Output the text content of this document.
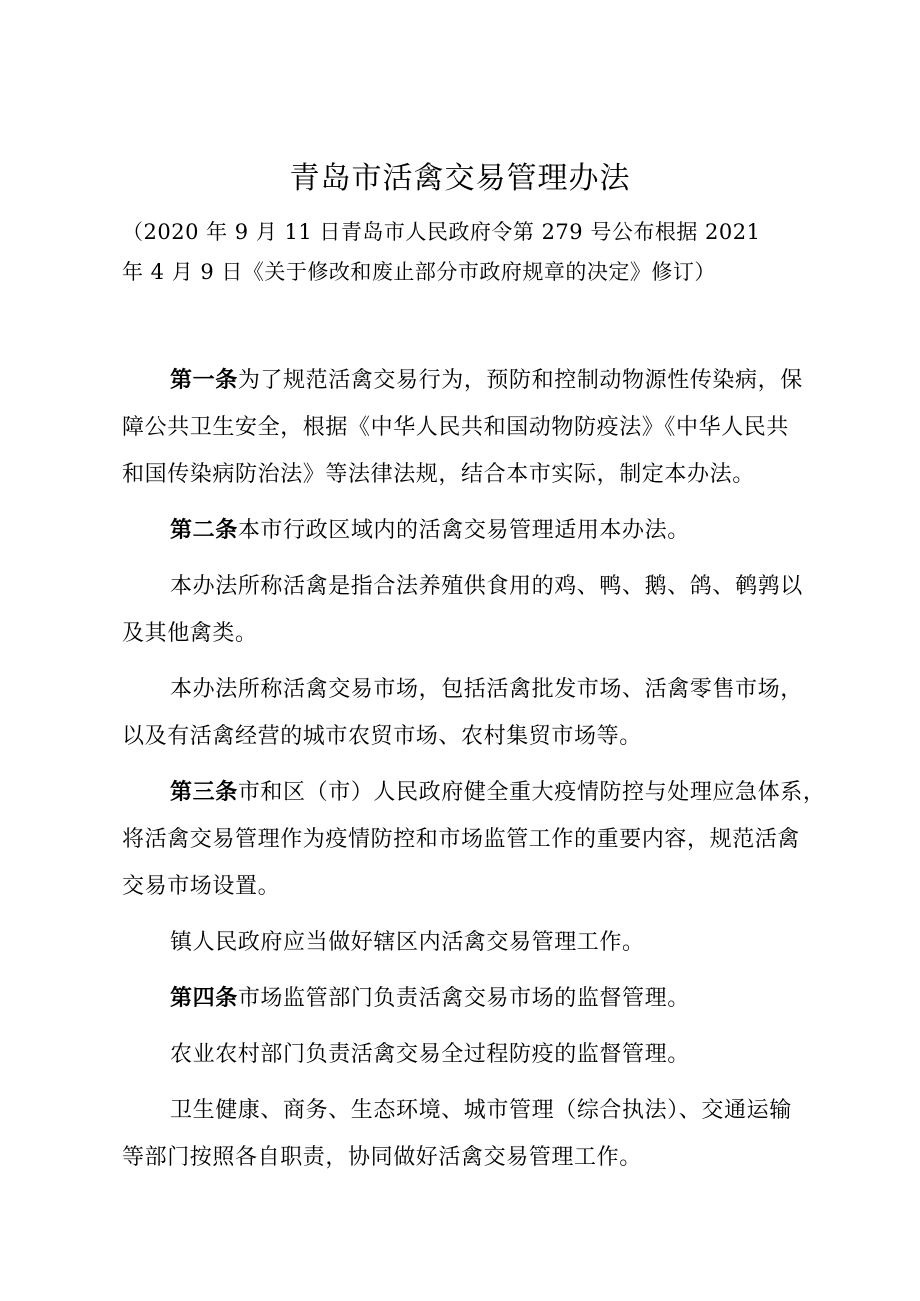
青岛市活禽交易管理办法
（2020 年 9 月 11 日青岛市人民政府令第 279 号公布根据 2021
年 4 月 9 日《关于修改和废止部分市政府规章的决定》修订）
第一条为了规范活禽交易行为，预防和控制动物源性传染病，保
障公共卫生安全，根据《中华人民共和国动物防疫法》《中华人民共
和国传染病防治法》等法律法规，结合本市实际，制定本办法。
第二条本市行政区域内的活禽交易管理适用本办法。
本办法所称活禽是指合法养殖供食用的鸡、鸭、鹅、鸽、鹌鹑以
及其他禽类。
本办法所称活禽交易市场，包括活禽批发市场、活禽零售市场，
以及有活禽经营的城市农贸市场、农村集贸市场等。
第三条市和区（市）人民政府健全重大疫情防控与处理应急体系，
将活禽交易管理作为疫情防控和市场监管工作的重要内容，规范活禽
交易市场设置。
镇人民政府应当做好辖区内活禽交易管理工作。
第四条市场监管部门负责活禽交易市场的监督管理。
农业农村部门负责活禽交易全过程防疫的监督管理。
卫生健康、商务、生态环境、城市管理（综合执法）、交通运输
等部门按照各自职责，协同做好活禽交易管理工作。
